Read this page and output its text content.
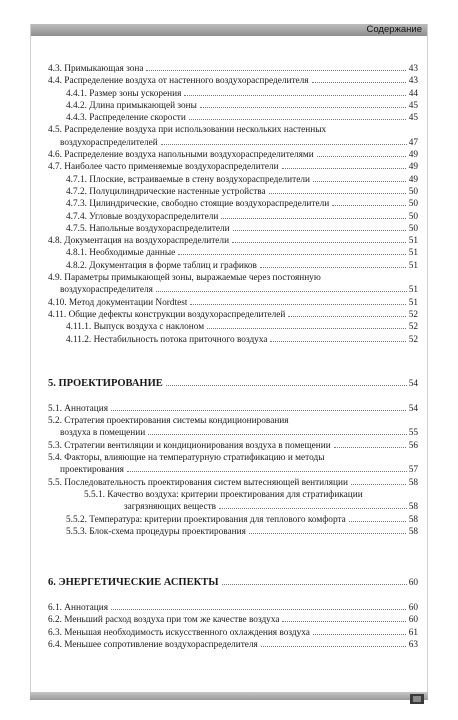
Содержание
4.3. Примыкающая зона	43
4.4. Распределение воздуха от настенного воздухораспределителя	43
4.4.1. Размер зоны ускорения	44
4.4.2. Длина примыкающей зоны	45
4.4.3. Распределение скорости	45
4.5. Распределение воздуха при использовании нескольких настенных
воздухораспределителей	47
4.6. Распределение воздуха напольными воздухораспределителями	49
4.7. Наиболее часто применяемые воздухораспределители	49
4.7.1. Плоские, встраиваемые в стену воздухораспределители	49
4.7.2. Полуцилиндрические настенные устройства	50
4.7.3. Цилиндрические, свободно стоящие воздухораспределители	50
4.7.4. Угловые воздухораспределители	50
4.7.5. Напольные воздухораспределители	50
4.8. Документация на воздухораспределители	51
4.8.1. Необходимые данные	51
4.8.2. Документация в форме таблиц и графиков	51
4.9. Параметры примыкающей зоны, выражаемые через постоянную
воздухораспределителя	51
4.10. Метод документации Nordtest	51
4.11. Общие дефекты конструкции воздухораспределителей	52
4.11.1. Выпуск воздуха с наклоном	52
4.11.2. Нестабильность потока приточного воздуха	52
5. ПРОЕКТИРОВАНИЕ	54
5.1. Аннотация	54
5.2. Стратегия проектирования системы кондиционирования
воздуха в помещении	55
5.3. Стратегии вентиляции и кондиционирования воздуха в помещении	56
5.4. Факторы, влияющие на температурную стратификацию и методы
проектирования	57
5.5. Последовательность проектирования систем вытесняющей вентиляции	58
5.5.1. Качество воздуха: критерии проектирования для стратификации
загрязняющих веществ	58
5.5.2. Температура: критерии проектирования для теплового комфорта	58
5.5.3. Блок-схема процедуры проектирования	58
6. ЭНЕРГЕТИЧЕСКИЕ АСПЕКТЫ	60
6.1. Аннотация	60
6.2. Меньший расход воздуха при том же качестве воздуха	60
6.3. Меньшая необходимость искусственного охлаждения воздуха	61
6.4. Меньшее сопротивление воздухораспределителя	63
